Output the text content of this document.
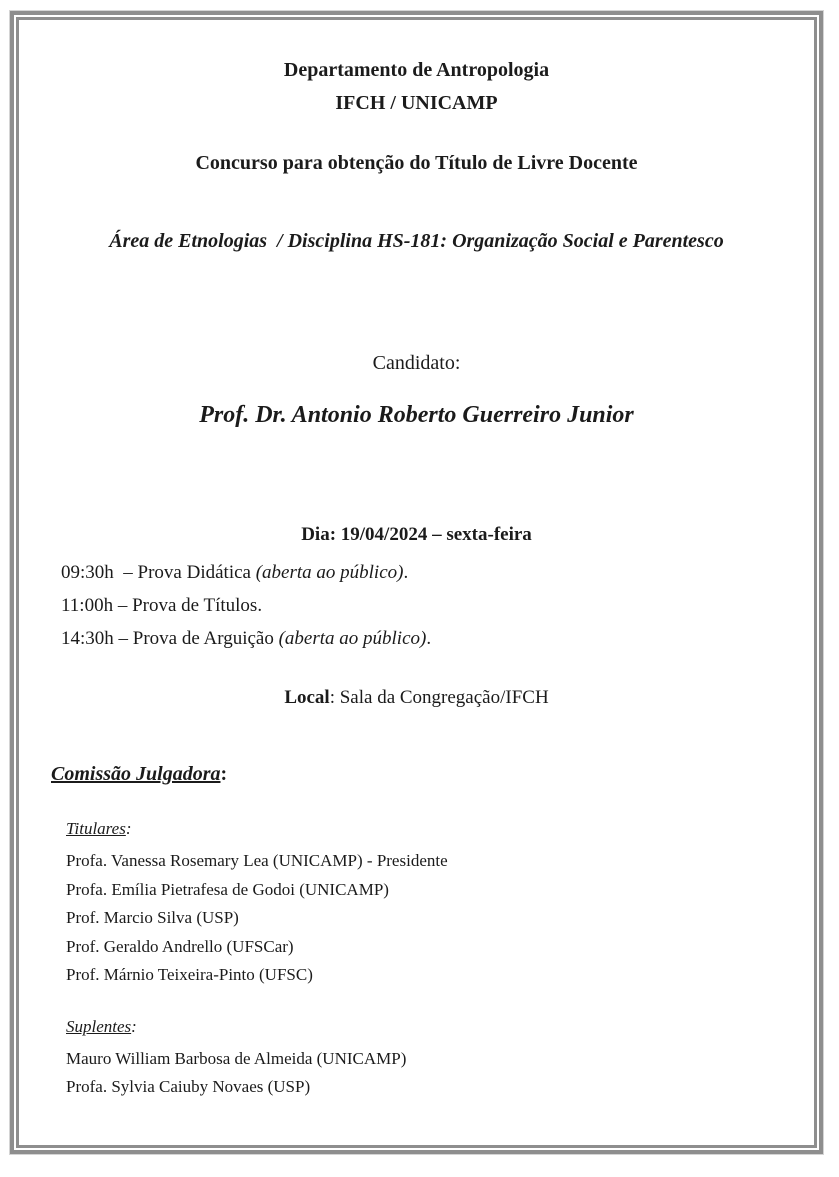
Departamento de Antropologia
IFCH / UNICAMP
Concurso para obtenção do Título de Livre Docente
Área de Etnologias  / Disciplina HS-181: Organização Social e Parentesco
Candidato:
Prof. Dr. Antonio Roberto Guerreiro Junior
Dia: 19/04/2024 – sexta-feira
09:30h  – Prova Didática (aberta ao público).
11:00h – Prova de Títulos.
14:30h – Prova de Arguição (aberta ao público).
Local: Sala da Congregação/IFCH
Comissão Julgadora:
Titulares:
Profa. Vanessa Rosemary Lea (UNICAMP) - Presidente
Profa. Emília Pietrafesa de Godoi (UNICAMP)
Prof. Marcio Silva (USP)
Prof. Geraldo Andrello (UFSCar)
Prof. Márnio Teixeira-Pinto (UFSC)
Suplentes:
Mauro William Barbosa de Almeida (UNICAMP)
Profa. Sylvia Caiuby Novaes (USP)
